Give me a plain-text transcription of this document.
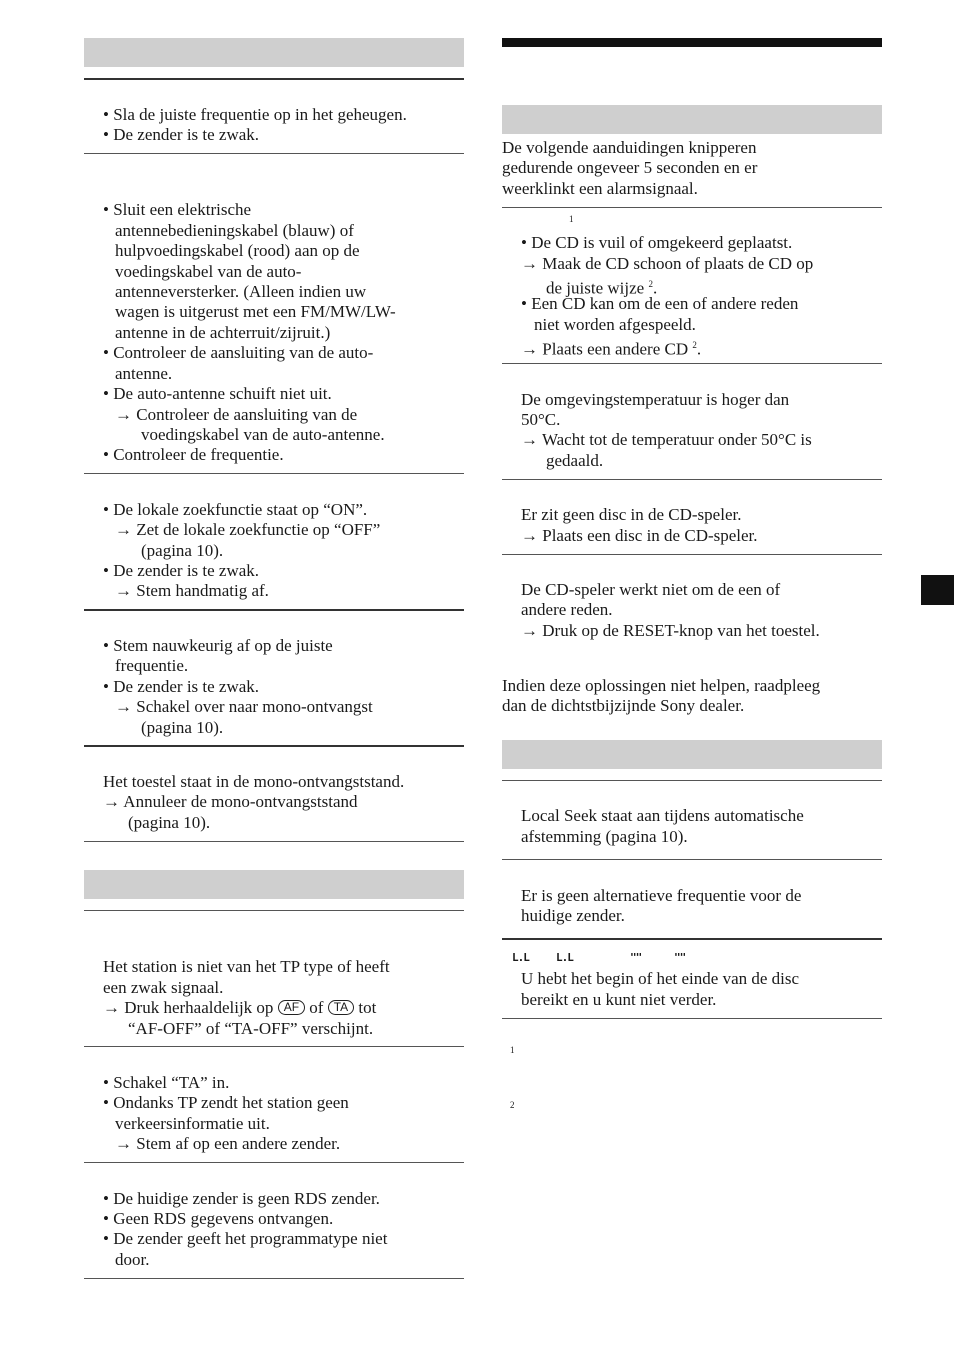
• Sla de juiste frequentie op in het geheugen.
• De zender is te zwak.
• Sluit een elektrische
antennebedieningskabel (blauw) of
hulpvoedingskabel (rood) aan op de
voedingskabel van de auto-
antenneversterker. (Alleen indien uw
wagen is uitgerust met een FM/MW/LW-
antenne in de achterruit/zijruit.)
• Controleer de aansluiting van de auto-
antenne.
• De auto-antenne schuift niet uit.
→ Controleer de aansluiting van de
voedingskabel van de auto-antenne.
• Controleer de frequentie.
• De lokale zoekfunctie staat op “ON”.
→ Zet de lokale zoekfunctie op “OFF”
(pagina 10).
• De zender is te zwak.
→ Stem handmatig af.
• Stem nauwkeurig af op de juiste
frequentie.
• De zender is te zwak.
→ Schakel over naar mono-ontvangst
(pagina 10).
Het toestel staat in de mono-ontvangststand.
→ Annuleer de mono-ontvangststand
(pagina 10).
Het station is niet van het TP type of heeft
een zwak signaal.
→ Druk herhaaldelijk op AF of TA tot
“AF-OFF” of “TA-OFF” verschijnt.
• Schakel “TA” in.
• Ondanks TP zendt het station geen
verkeersinformatie uit.
→ Stem af op een andere zender.
• De huidige zender is geen RDS zender.
• Geen RDS gegevens ontvangen.
• De zender geeft het programmatype niet
door.
De volgende aanduidingen knipperen
gedurende ongeveer 5 seconden en er
weerklinkt een alarmsignaal.
1
• De CD is vuil of omgekeerd geplaatst.
→ Maak de CD schoon of plaats de CD op
de juiste wijze $^2$.
• Een CD kan om de een of andere reden
niet worden afgespeeld.
→ Plaats een andere CD $^2$.
De omgevingstemperatuur is hoger dan
50°C.
→ Wacht tot de temperatuur onder 50°C is
gedaald.
Er zit geen disc in de CD-speler.
→ Plaats een disc in de CD-speler.
De CD-speler werkt niet om de een of
andere reden.
→ Druk op de RESET-knop van het toestel.
Indien deze oplossingen niet helpen, raadpleeg
dan de dichtstbijzijnde Sony dealer.
Local Seek staat aan tijdens automatische
afstemming (pagina 10).
Er is geen alternatieve frequentie voor de
huidige zender.
L.L L.L	""	""
U hebt het begin of het einde van de disc
bereikt en u kunt niet verder.
1
2
